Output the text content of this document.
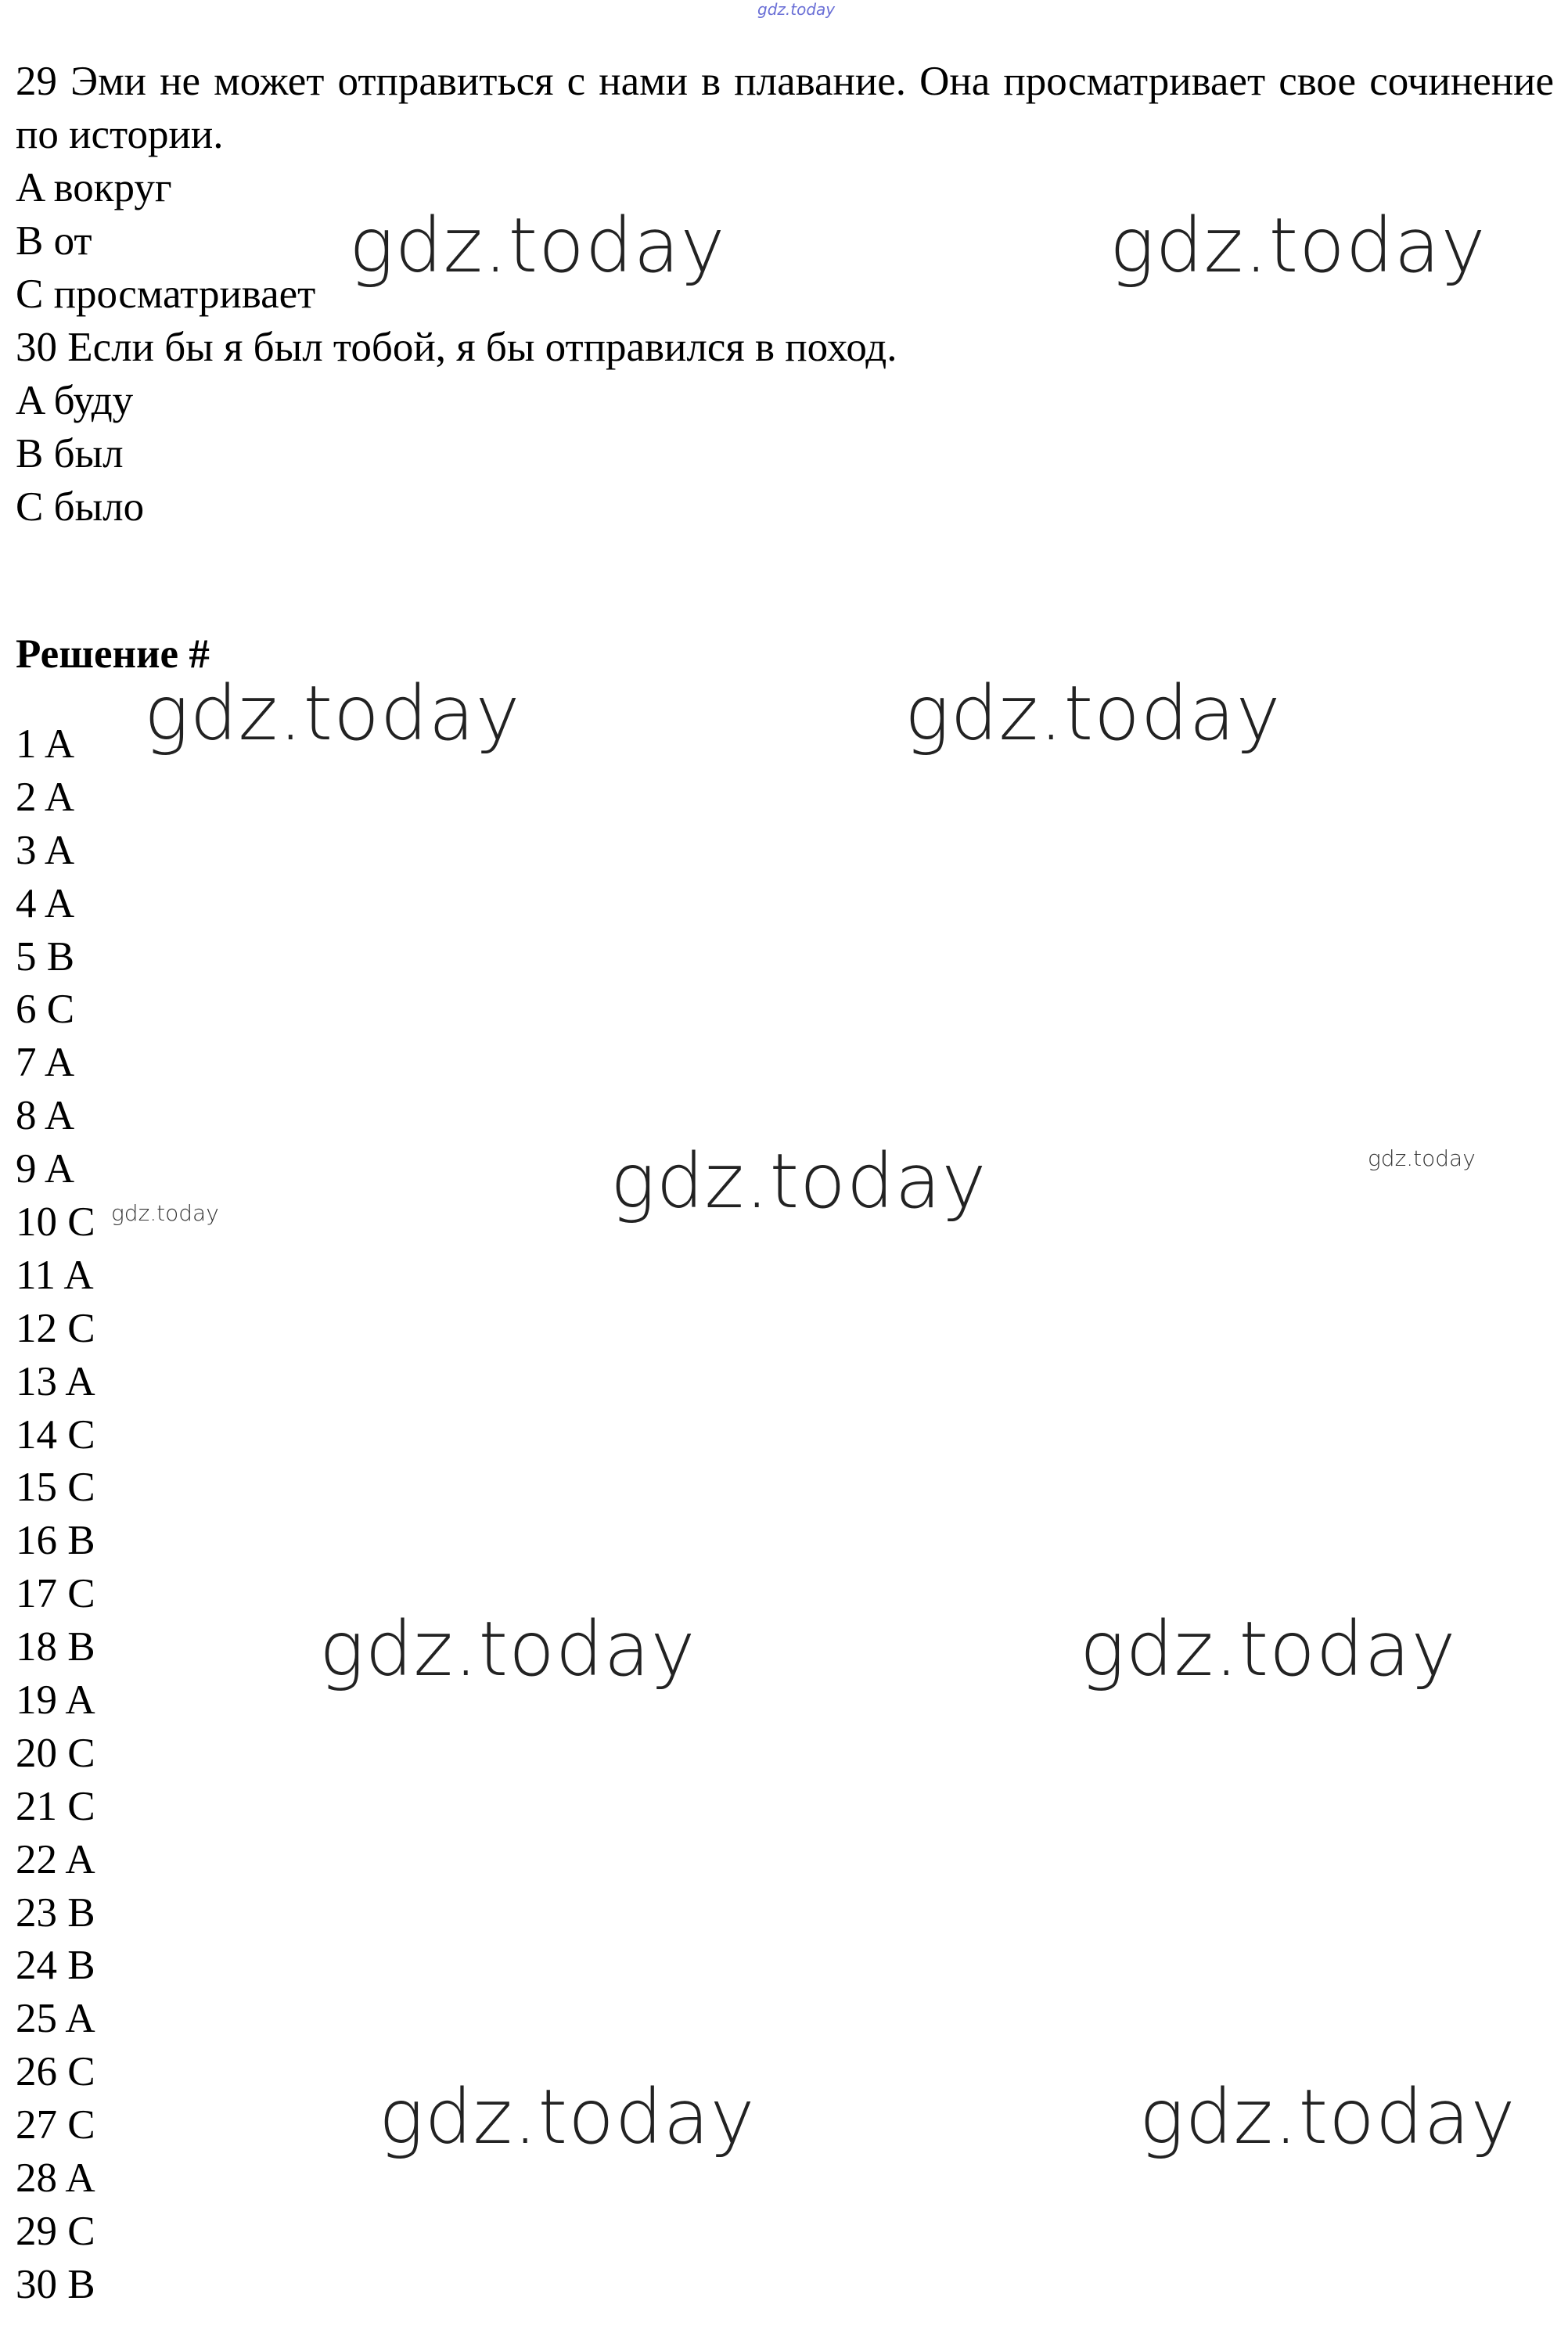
gdz.today
29 Эми не может отправиться с нами в плавание. Она просматривает свое сочинение по истории.
A вокруг
B от
C просматривает
30 Если бы я был тобой, я бы отправился в поход.
A буду
B был
C было
Решение #
1 A
2 A
3 A
4 A
5 B
6 C
7 A
8 A
9 A
10 C
11 A
12 C
13 A
14 C
15 C
16 B
17 C
18 B
19 A
20 C
21 C
22 A
23 B
24 B
25 A
26 C
27 C
28 A
29 C
30 B
gdz.today	gdz.today
gdz.today	gdz.today
gdz.today
gdz.today	gdz.today
gdz.today	gdz.today
gdz.today
gdz.today
